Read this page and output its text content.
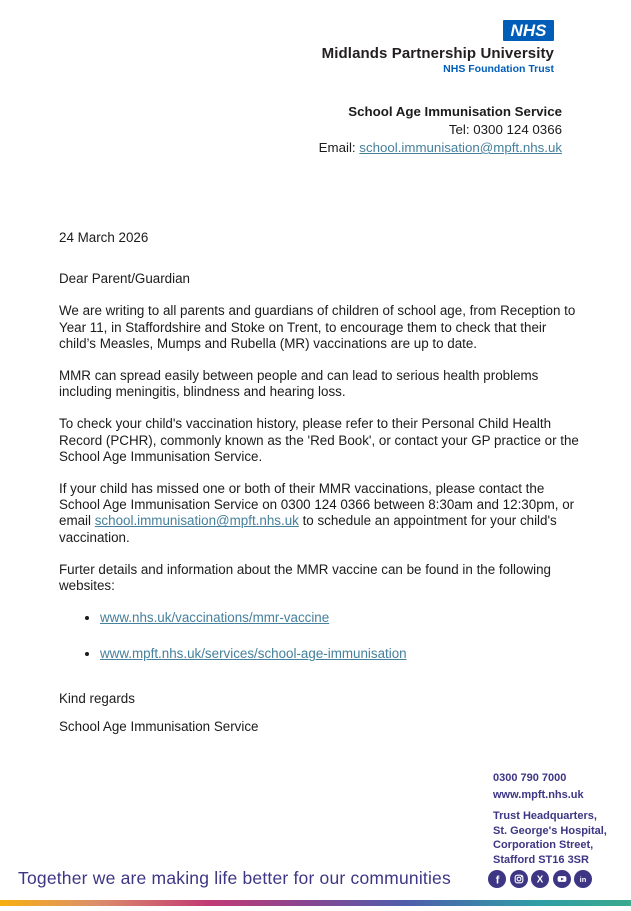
NHS
Midlands Partnership University
NHS Foundation Trust
School Age Immunisation Service
Tel: 0300 124 0366
Email: school.immunisation@mpft.nhs.uk

24 March 2026

Dear Parent/Guardian

We are writing to all parents and guardians of children of school age, from Reception to Year 11, in Staffordshire and Stoke on Trent, to encourage them to check that their child’s Measles, Mumps and Rubella (MR) vaccinations are up to date.

MMR can spread easily between people and can lead to serious health problems including meningitis, blindness and hearing loss.

To check your child's vaccination history, please refer to their Personal Child Health Record (PCHR), commonly known as the 'Red Book', or contact your GP practice or the School Age Immunisation Service.

If your child has missed one or both of their MMR vaccinations, please contact the School Age Immunisation Service on 0300 124 0366 between 8:30am and 12:30pm, or email school.immunisation@mpft.nhs.uk to schedule an appointment for your child's vaccination.

Furter details and information about the MMR vaccine can be found in the following websites:

• www.nhs.uk/vaccinations/mmr-vaccine
• www.mpft.nhs.uk/services/school-age-immunisation

Kind regards

School Age Immunisation Service

0300 790 7000
www.mpft.nhs.uk
Trust Headquarters,
St. George's Hospital,
Corporation Street,
Stafford ST16 3SR
Together we are making life better for our communities	f	X	in
